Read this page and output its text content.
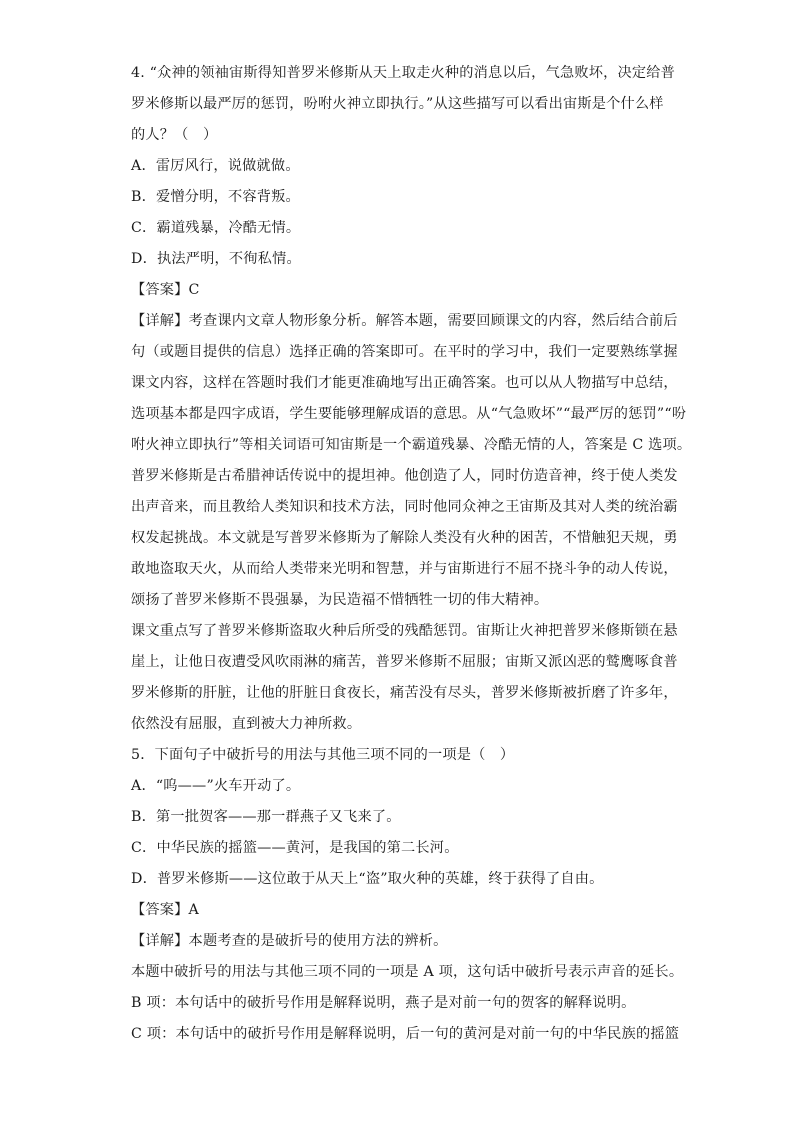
4. “众神的领袖宙斯得知普罗米修斯从天上取走火种的消息以后，气急败坏，决定给普
罗米修斯以最严厉的惩罚，吩咐火神立即执行。”从这些描写可以看出宙斯是个什么样
的人？（　）
A．雷厉风行，说做就做。
B．爱憎分明，不容背叛。
C．霸道残暴，冷酷无情。
D．执法严明，不徇私情。
【答案】C
【详解】考查课内文章人物形象分析。解答本题，需要回顾课文的内容，然后结合前后
句（或题目提供的信息）选择正确的答案即可。在平时的学习中，我们一定要熟练掌握
课文内容，这样在答题时我们才能更准确地写出正确答案。也可以从人物描写中总结，
选项基本都是四字成语，学生要能够理解成语的意思。从“气急败坏”“最严厉的惩罚”“吩
咐火神立即执行”等相关词语可知宙斯是一个霸道残暴、冷酷无情的人，答案是 C 选项。
普罗米修斯是古希腊神话传说中的提坦神。他创造了人，同时仿造音神，终于使人类发
出声音来，而且教给人类知识和技术方法，同时他同众神之王宙斯及其对人类的统治霸
权发起挑战。本文就是写普罗米修斯为了解除人类没有火种的困苦，不惜触犯天规，勇
敢地盗取天火，从而给人类带来光明和智慧，并与宙斯进行不屈不挠斗争的动人传说，
颂扬了普罗米修斯不畏强暴，为民造福不惜牺牲一切的伟大精神。
课文重点写了普罗米修斯盗取火种后所受的残酷惩罚。宙斯让火神把普罗米修斯锁在悬
崖上，让他日夜遭受风吹雨淋的痛苦，普罗米修斯不屈服；宙斯又派凶恶的鹫鹰啄食普
罗米修斯的肝脏，让他的肝脏日食夜长，痛苦没有尽头，普罗米修斯被折磨了许多年，
依然没有屈服，直到被大力神所救。
5．下面句子中破折号的用法与其他三项不同的一项是（　）
A．“呜——”火车开动了。
B．第一批贺客——那一群燕子又飞来了。
C．中华民族的摇篮——黄河，是我国的第二长河。
D．普罗米修斯——这位敢于从天上“盗”取火种的英雄，终于获得了自由。
【答案】A
【详解】本题考查的是破折号的使用方法的辨析。
本题中破折号的用法与其他三项不同的一项是 A 项，这句话中破折号表示声音的延长。
B 项：本句话中的破折号作用是解释说明，燕子是对前一句的贺客的解释说明。
C 项：本句话中的破折号作用是解释说明，后一句的黄河是对前一句的中华民族的摇篮
